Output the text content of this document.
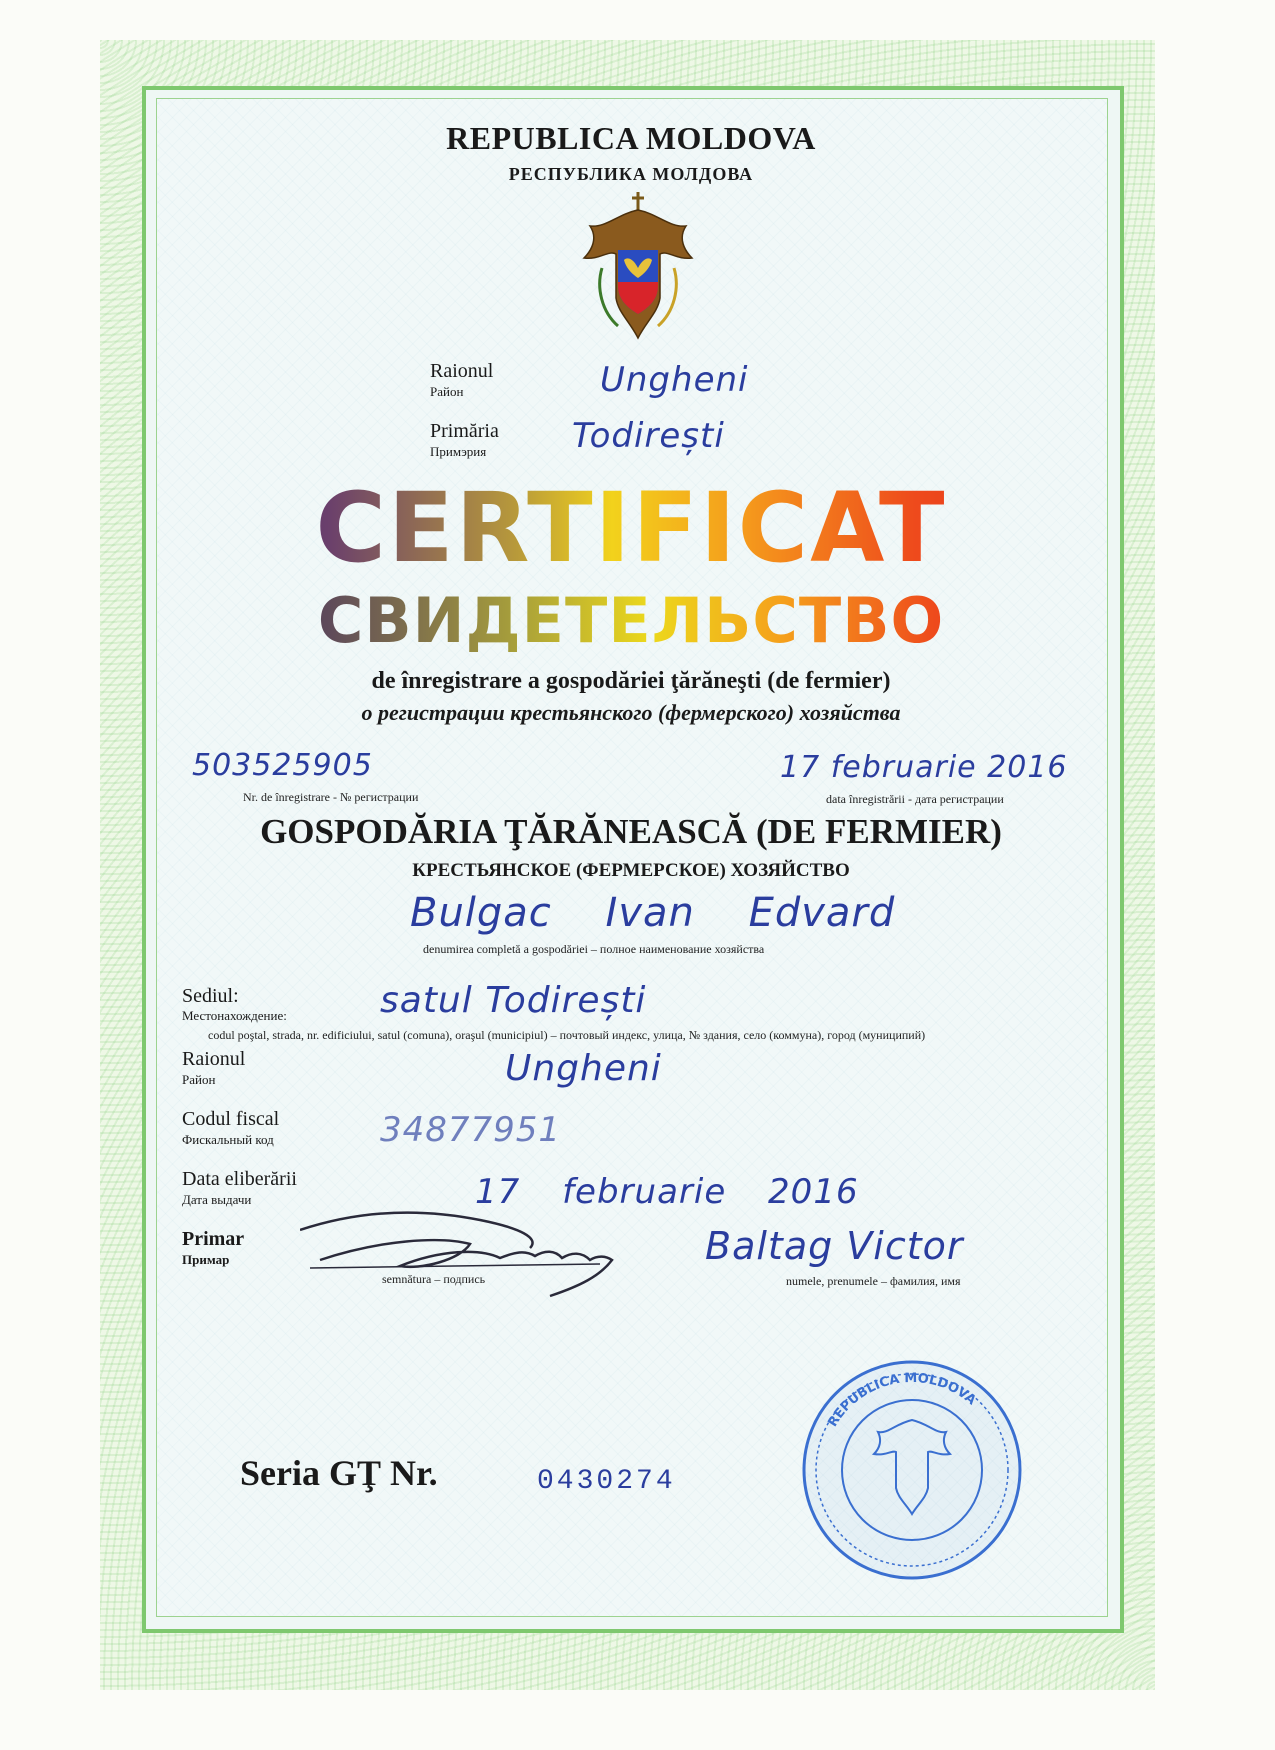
REPUBLICA MOLDOVA
РЕСПУБЛИКА МОЛДОВА
Raionul
Район	Ungheni
Primăria
Примэрия	Todirești
CERTIFICAT
СВИДЕТЕЛЬСТВО
de înregistrare a gospodăriei ţărăneşti (de fermier)
о регистрации крестьянского (фермерского) хозяйства
503525905
Nr. de înregistrare - № регистрации
17 februarie 2016
data înregistrării - дата регистрации
GOSPODĂRIA ŢĂRĂNEASCĂ (DE FERMIER)
КРЕСТЬЯНСКОЕ (ФЕРМЕРСКОЕ) ХОЗЯЙСТВО
Bulgac Ivan Edvard
denumirea completă a gospodăriei – полное наименование хозяйства
Sediul:
Местонахождение:	satul Todirești
codul poştal, strada, nr. edificiului, satul (comuna), oraşul (municipiul) – почтовый индекс, улица, № здания, село (коммуна), город (муниципий)
Raionul
Район	Ungheni
Codul fiscal
Фискальный код	34877951
Data eliberării
Дата выдачи	17 februarie 2016
Primar
Примар
semnătura – подпись
Baltag Victor
numele, prenumele – фамилия, имя
REPUBLICA MOLDOVA
Seria GŢ Nr.	0430274
